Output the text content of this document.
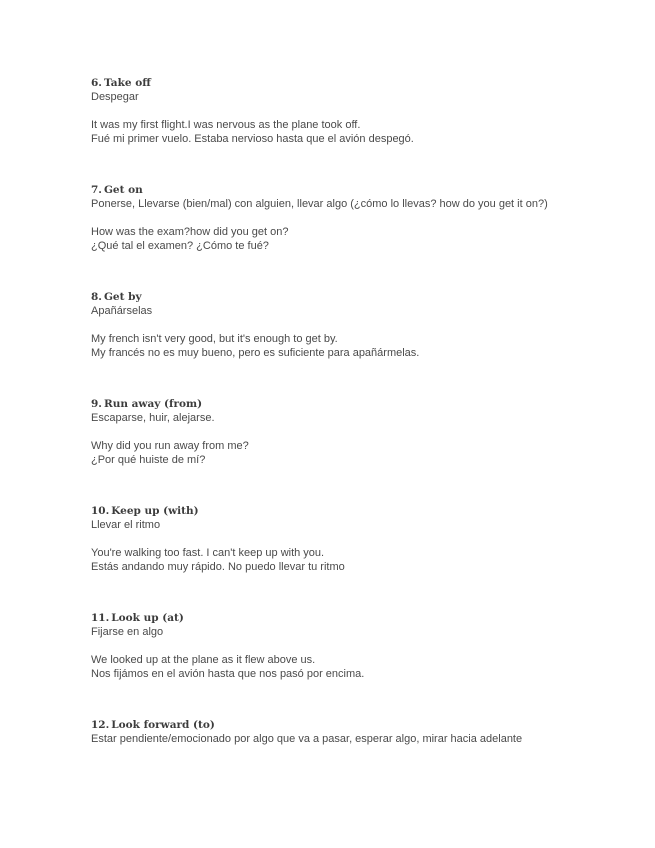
6. Take off

Despegar

It was my first flight.I was nervous as the plane took off.

Fué mi primer vuelo. Estaba nervioso hasta que el avión despegó.

7. Get on

Ponerse, Llevarse (bien/mal) con alguien, llevar algo (¿cómo lo llevas? how do you get it on?)

How was the exam?how did you get on?

¿Qué tal el examen? ¿Cómo te fué?

8. Get by

Apañárselas

My french isn't very good, but it's enough to get by.

My francés no es muy bueno, pero es suficiente para apañármelas.

9. Run away (from)

Escaparse, huir, alejarse.

Why did you run away from me?

¿Por qué huiste de mí?

10. Keep up (with)

Llevar el ritmo

You're walking too fast. I can't keep up with you.

Estás andando muy rápido. No puedo llevar tu ritmo

11. Look up (at)

Fijarse en algo

We looked up at the plane as it flew above us.

Nos fijámos en el avión hasta que nos pasó por encima.

12. Look forward (to)

Estar pendiente/emocionado por algo que va a pasar, esperar algo, mirar hacia adelante
